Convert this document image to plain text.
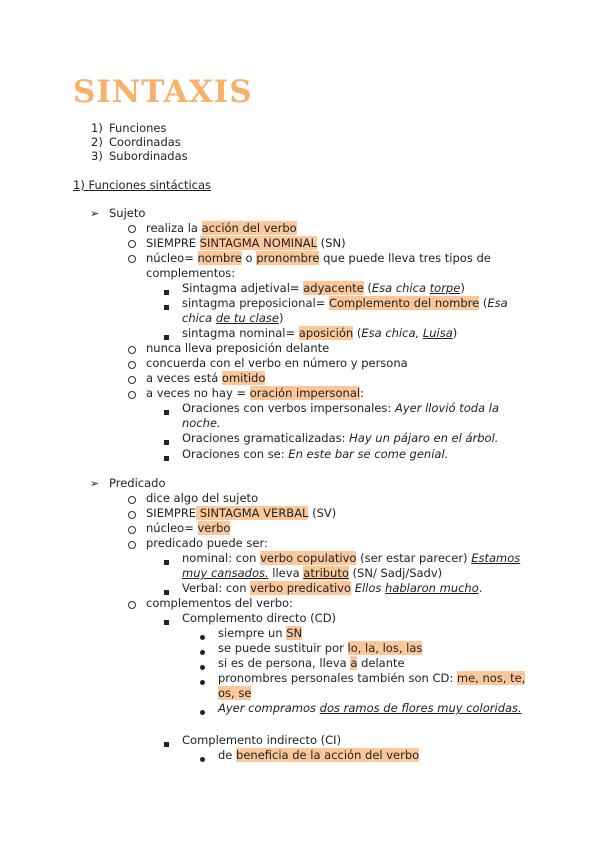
SINTAXIS
1) Funciones
2) Coordinadas
3) Subordinadas
1) Funciones sintácticas
➢ Sujeto
realiza la acción del verbo
SIEMPRE SINTAGMA NOMINAL (SN)
núcleo= nombre o pronombre que puede lleva tres tipos de
complementos:
Sintagma adjetival= adyacente (Esa chica torpe)
sintagma preposicional= Complemento del nombre (Esa
chica de tu clase)
sintagma nominal= aposición (Esa chica, Luisa)
nunca lleva preposición delante
concuerda con el verbo en número y persona
a veces está omitido
a veces no hay = oración impersonal:
Oraciones con verbos impersonales: Ayer llovió toda la
noche.
Oraciones gramaticalizadas: Hay un pájaro en el árbol.
Oraciones con se: En este bar se come genial.
➢ Predicado
dice algo del sujeto
SIEMPRE SINTAGMA VERBAL (SV)
núcleo= verbo
predicado puede ser:
nominal: con verbo copulativo (ser estar parecer) Estamos
muy cansados. lleva atributo (SN/ Sadj/Sadv)
Verbal: con verbo predicativo Ellos hablaron mucho.
complementos del verbo:
Complemento directo (CD)
siempre un SN
se puede sustituir por lo, la, los, las
si es de persona, lleva a delante
pronombres personales también son CD: me, nos, te,
os, se
Ayer compramos dos ramos de flores muy coloridas.
Complemento indirecto (CI)
de beneficia de la acción del verbo
